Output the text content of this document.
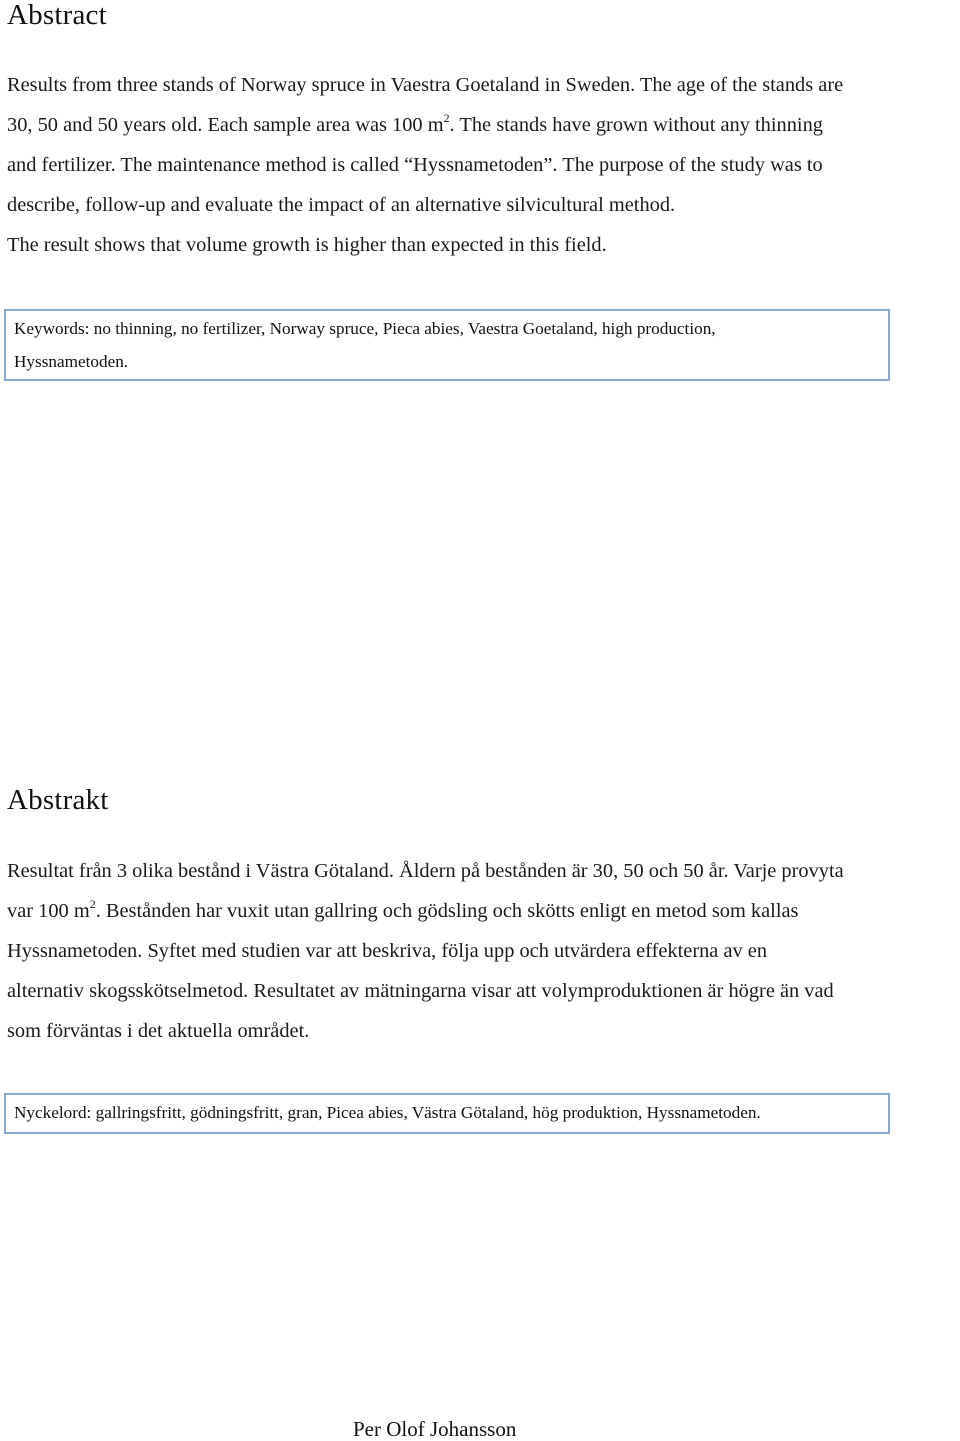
Abstract

Results from three stands of Norway spruce in Vaestra Goetaland in Sweden. The age of the stands are

30, 50 and 50 years old. Each sample area was 100 $m^2$. The stands have grown without any thinning

and fertilizer. The maintenance method is called “Hyssnametoden”. The purpose of the study was to

describe, follow-up and evaluate the impact of an alternative silvicultural method.

The result shows that volume growth is higher than expected in this field.

Keywords: no thinning, no fertilizer, Norway spruce, Pieca abies, Vaestra Goetaland, high production,

Hyssnametoden.

Abstrakt

Resultat från 3 olika bestånd i Västra Götaland. Åldern på bestånden är 30, 50 och 50 år. Varje provyta

var 100 $m^2$. Bestånden har vuxit utan gallring och gödsling och skötts enligt en metod som kallas

Hyssnametoden. Syftet med studien var att beskriva, följa upp och utvärdera effekterna av en

alternativ skogsskötselmetod. Resultatet av mätningarna visar att volymproduktionen är högre än vad

som förväntas i det aktuella området.

Nyckelord: gallringsfritt, gödningsfritt, gran, Picea abies, Västra Götaland, hög produktion, Hyssnametoden.

Per Olof Johansson
